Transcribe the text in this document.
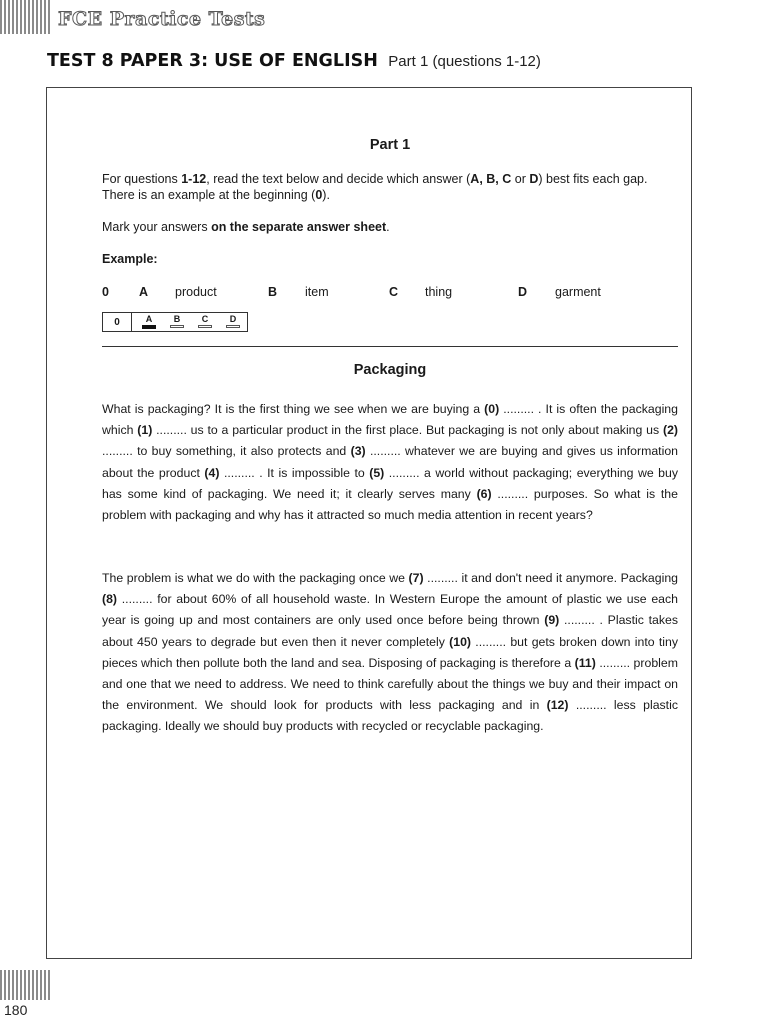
FCE Practice Tests
TEST 8 PAPER 3: USE OF ENGLISH Part 1 (questions 1-12)
Part 1
For questions 1-12, read the text below and decide which answer (A, B, C or D) best fits each gap. There is an example at the beginning (0).
Mark your answers on the separate answer sheet.
Example:
0 A product	B item	C thing	D garment
Packaging
What is packaging? It is the first thing we see when we are buying a (0) ......... . It is often the packaging which (1) ......... us to a particular product in the first place. But packaging is not only about making us (2) ......... to buy something, it also protects and (3) ......... whatever we are buying and gives us information about the product (4) ......... . It is impossible to (5) ......... a world without packaging; everything we buy has some kind of packaging. We need it; it clearly serves many (6) ......... purposes. So what is the problem with packaging and why has it attracted so much media attention in recent years?
The problem is what we do with the packaging once we (7) ......... it and don't need it anymore. Packaging (8) ......... for about 60% of all household waste. In Western Europe the amount of plastic we use each year is going up and most containers are only used once before being thrown (9) ......... . Plastic takes about 450 years to degrade but even then it never completely (10) ......... but gets broken down into tiny pieces which then pollute both the land and sea. Disposing of packaging is therefore a (11) ......... problem and one that we need to address. We need to think carefully about the things we buy and their impact on the environment. We should look for products with less packaging and in (12) ......... less plastic packaging. Ideally we should buy products with recycled or recyclable packaging.
0	A	B	C	D
180
